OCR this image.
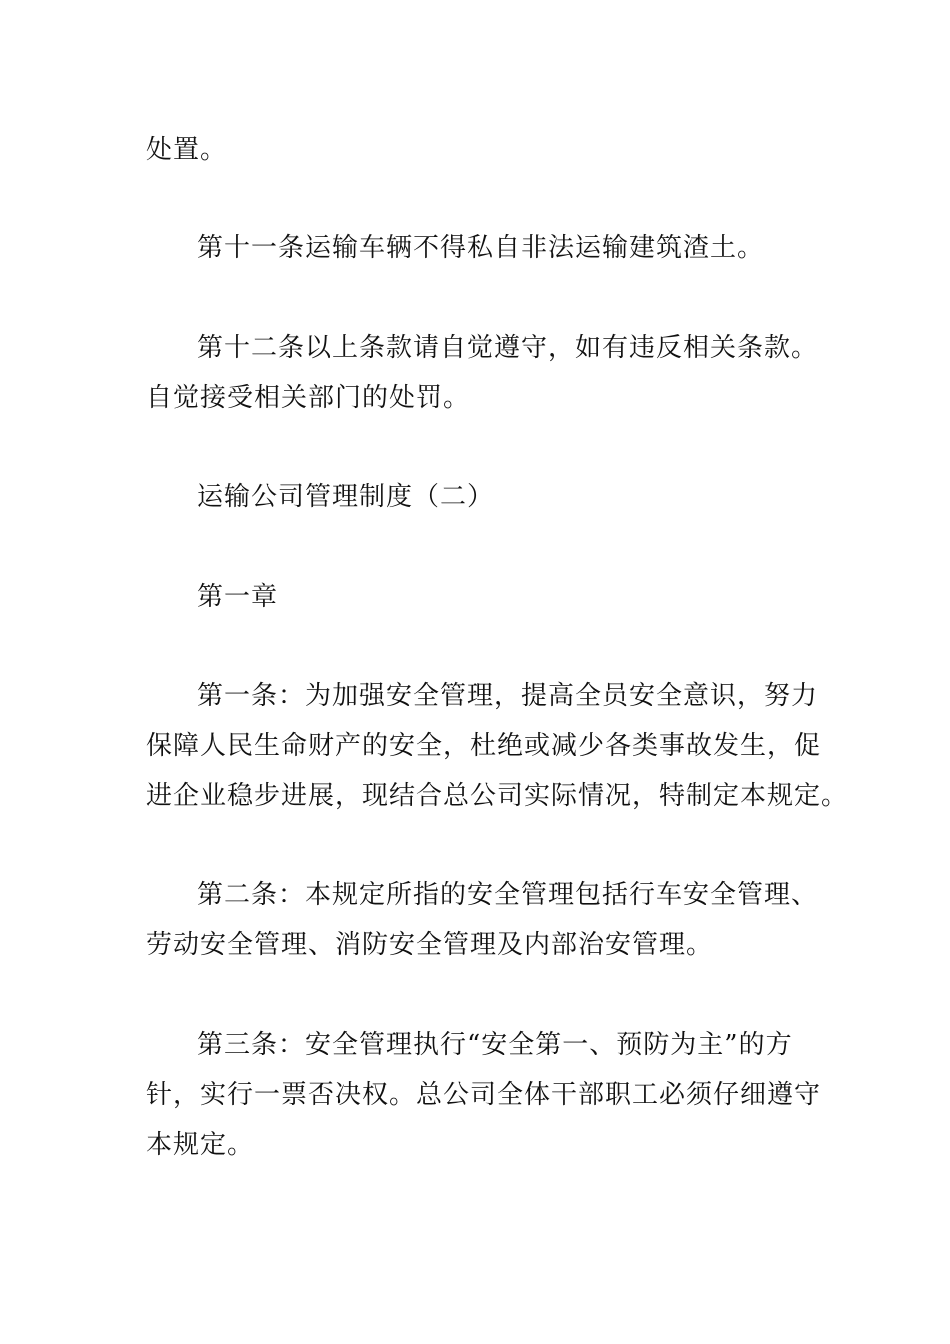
处置。

第十一条运输车辆不得私自非法运输建筑渣土。

第十二条以上条款请自觉遵守，如有违反相关条款。

自觉接受相关部门的处罚。

运输公司管理制度（二）

第一章

第一条：为加强安全管理，提高全员安全意识，努力

保障人民生命财产的安全，杜绝或减少各类事故发生，促

进企业稳步进展，现结合总公司实际情况，特制定本规定。

第二条：本规定所指的安全管理包括行车安全管理、

劳动安全管理、消防安全管理及内部治安管理。

第三条：安全管理执行“安全第一、预防为主”的方

针，实行一票否决权。总公司全体干部职工必须仔细遵守

本规定。
